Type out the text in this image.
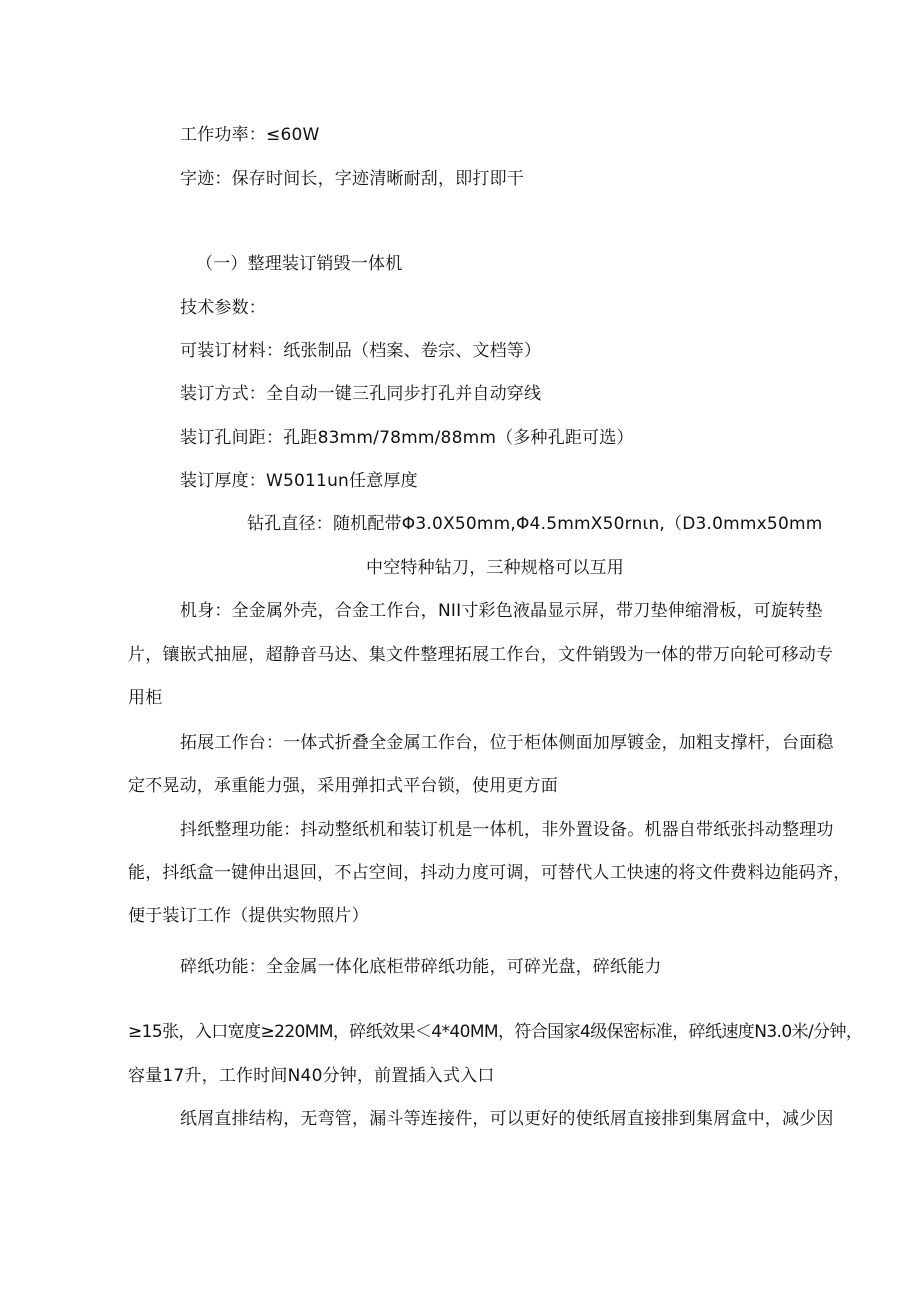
工作功率：≤60W
字迹：保存时间长，字迹清晰耐刮，即打即干
（一）整理装订销毁一体机
技术参数：
可装订材料：纸张制品（档案、卷宗、文档等）
装订方式：全自动一键三孔同步打孔并自动穿线
装订孔间距：孔距83mm/78mm/88mm（多种孔距可选）
装订厚度：W5011un任意厚度
钻孔直径：随机配带Φ3.0X50mm,Φ4.5mmX50rnιn,（D3.0mmx50mm
中空特种钻刀，三种规格可以互用
机身：全金属外壳，合金工作台，NII寸彩色液晶显示屏，带刀垫伸缩滑板，可旋转垫
片，镶嵌式抽屉，超静音马达、集文件整理拓展工作台，文件销毁为一体的带万向轮可移动专
用柜
拓展工作台：一体式折叠全金属工作台，位于柜体侧面加厚镀金，加粗支撑杆，台面稳
定不晃动，承重能力强，采用弹扣式平台锁，使用更方面
抖纸整理功能：抖动整纸机和装订机是一体机，非外置设备。机器自带纸张抖动整理功
能，抖纸盒一键伸出退回，不占空间，抖动力度可调，可替代人工快速的将文件费料边能码齐，
便于装订工作（提供实物照片）
碎纸功能：全金属一体化底柜带碎纸功能，可碎光盘，碎纸能力
≥15张，入口宽度≥220MM，碎纸效果＜4*40MM，符合国家4级保密标准，碎纸速度N3.0米/分钟，
容量17升，工作时间N40分钟，前置插入式入口
纸屑直排结构，无弯管，漏斗等连接件，可以更好的使纸屑直接排到集屑盒中，减少因
